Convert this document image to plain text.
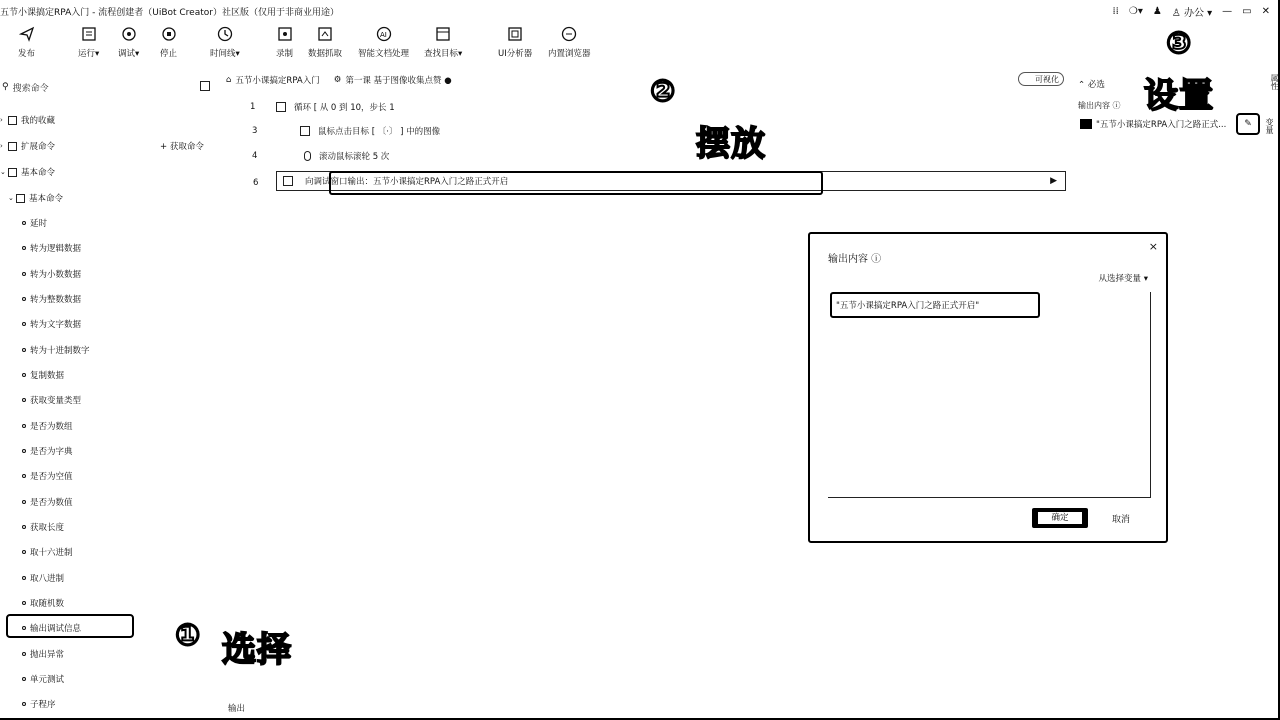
五节小课搞定RPA入门 - 流程创建者（UiBot Creator）社区版（仅用于非商业用途）	⁞⁞ ❍▾ ♟ ♙ 办公 ▾ — ▭ ✕
发布	运行▾ 调试▾ 停止	时间线▾	录制 数据抓取
AI
智能文档处理 查找目标▾	UI分析器 内置浏览器
⚲ 搜索命令
+ 获取命令
›	我的收藏
›	扩展命令
⌄ 基本命令
⌄ 基本命令
延时
转为逻辑数据
转为小数数据
转为整数数据
转为文字数据
转为十进制数字
复制数据
获取变量类型
是否为数组
是否为字典
是否为空值
是否为数值
获取长度
取十六进制
取八进制
取随机数
输出调试信息
抛出异常
单元测试
子程序
⌂ 五节小课搞定RPA入门 ⚙ 第一课 基于图像收集点赞 ●	可视化
1	循环 [ 从 0 到 10，步长 1
3	鼠标点击目标 [ 〔·〕 ] 中的图像
4	滚动鼠标滚轮 5 次
6	向调试窗口输出：五节小课搞定RPA入门之路正式开启	▶
⌃ 必选
输出内容 ⓘ
"五节小课搞定RPA入门之路正式...	✎
属性
变量
输出内容 ⓘ
×
从选择变量 ▾
"五节小课搞定RPA入门之路正式开启"
确定	取消
① 选择
②
摆放
③
设置
输出
